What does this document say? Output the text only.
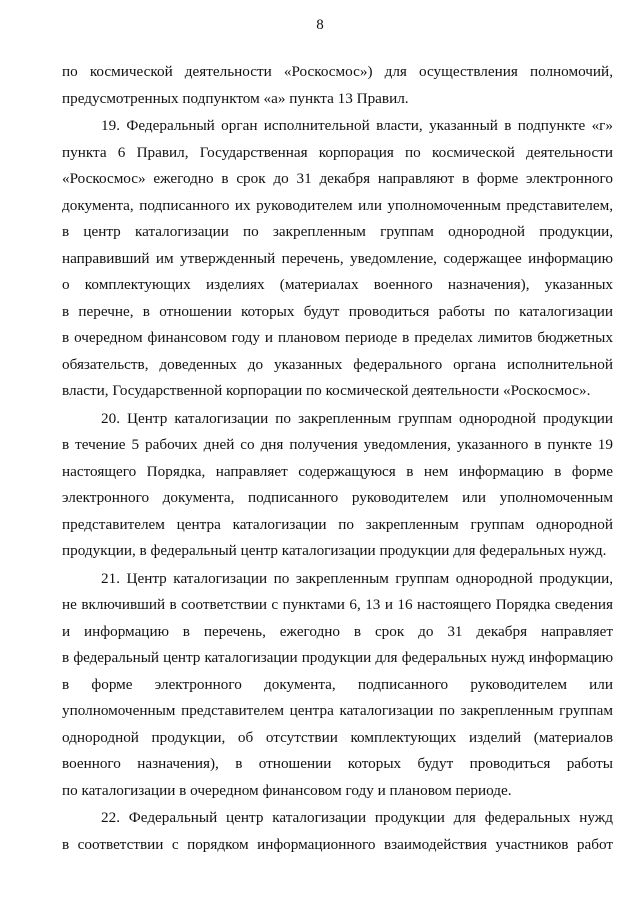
8
по космической деятельности «Роскосмос») для осуществления полномочий,
предусмотренных подпунктом «а» пункта 13 Правил.
19. Федеральный орган исполнительной власти, указанный в подпункте «г»
пункта 6 Правил, Государственная корпорация по космической деятельности
«Роскосмос» ежегодно в срок до 31 декабря направляют в форме электронного
документа, подписанного их руководителем или уполномоченным представителем,
в центр каталогизации по закрепленным группам однородной продукции,
направивший им утвержденный перечень, уведомление, содержащее информацию
о комплектующих изделиях (материалах военного назначения), указанных
в перечне, в отношении которых будут проводиться работы по каталогизации
в очередном финансовом году и плановом периоде в пределах лимитов бюджетных
обязательств, доведенных до указанных федерального органа исполнительной
власти, Государственной корпорации по космической деятельности «Роскосмос».
20. Центр каталогизации по закрепленным группам однородной продукции
в течение 5 рабочих дней со дня получения уведомления, указанного в пункте 19
настоящего Порядка, направляет содержащуюся в нем информацию в форме
электронного документа, подписанного руководителем или уполномоченным
представителем центра каталогизации по закрепленным группам однородной
продукции, в федеральный центр каталогизации продукции для федеральных нужд.
21. Центр каталогизации по закрепленным группам однородной продукции,
не включивший в соответствии с пунктами 6, 13 и 16 настоящего Порядка сведения
и информацию в перечень, ежегодно в срок до 31 декабря направляет
в федеральный центр каталогизации продукции для федеральных нужд информацию
в форме электронного документа, подписанного руководителем или
уполномоченным представителем центра каталогизации по закрепленным группам
однородной продукции, об отсутствии комплектующих изделий (материалов
военного назначения), в отношении которых будут проводиться работы
по каталогизации в очередном финансовом году и плановом периоде.
22. Федеральный центр каталогизации продукции для федеральных нужд
в соответствии с порядком информационного взаимодействия участников работ
